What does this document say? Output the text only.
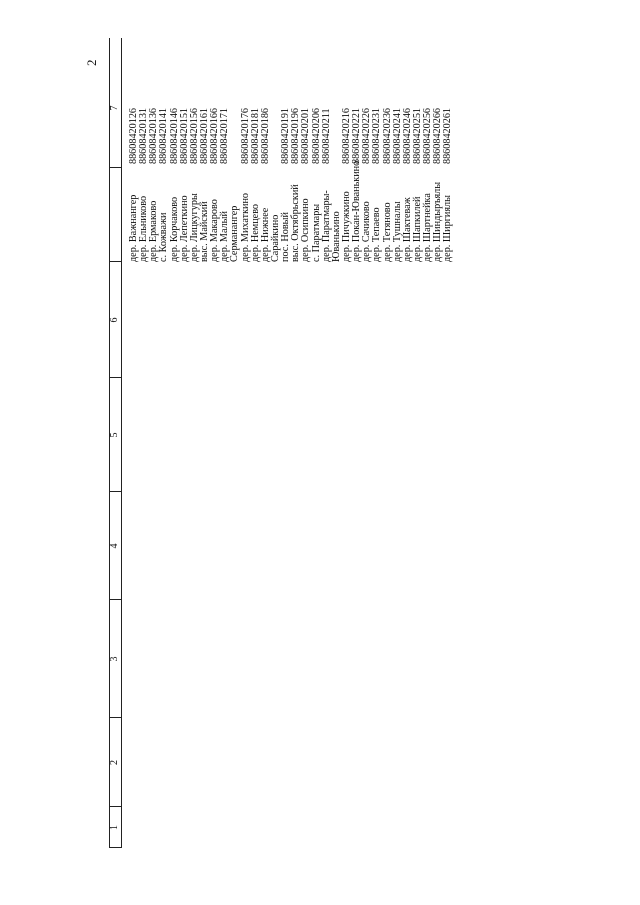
2
1
2
3
4
5
6
7
дер. Важнангер дер. Ельниково дер. Ермаково с. Кожважи дер. Корчаково дер. Лепеткино дер. Лицкугуры выс. Майский дер. Макарово дер. Малый Серманангер дер. Михаткино дер. Немцево дер. Нижнее Сарайкино пос. Новый выс. Октябрьский дер. Осипкино с. Паратмары дер. Паратмары- Юванькино дер. Пичужкино дер. Покан-Юванькино дер. Сачиково дер. Тепаево дер. Тетяново дер. Тушналы дер. Шактеваж дер. Шапкилей дер. Шартнейка дер. Шиндыръялы дер. Ширгиялы
88608420126 88608420131 88608420136 88608420141 88608420146 88608420151 88608420156 88608420161 88608420166 88608420171 88608420176 88608420181 88608420186 88608420191 88608420196 88608420201 88608420206 88608420211 88608420216 88608420221 88608420226 88608420231 88608420236 88608420241 88608420246 88608420251 88608420256 88608420266 88608420261
